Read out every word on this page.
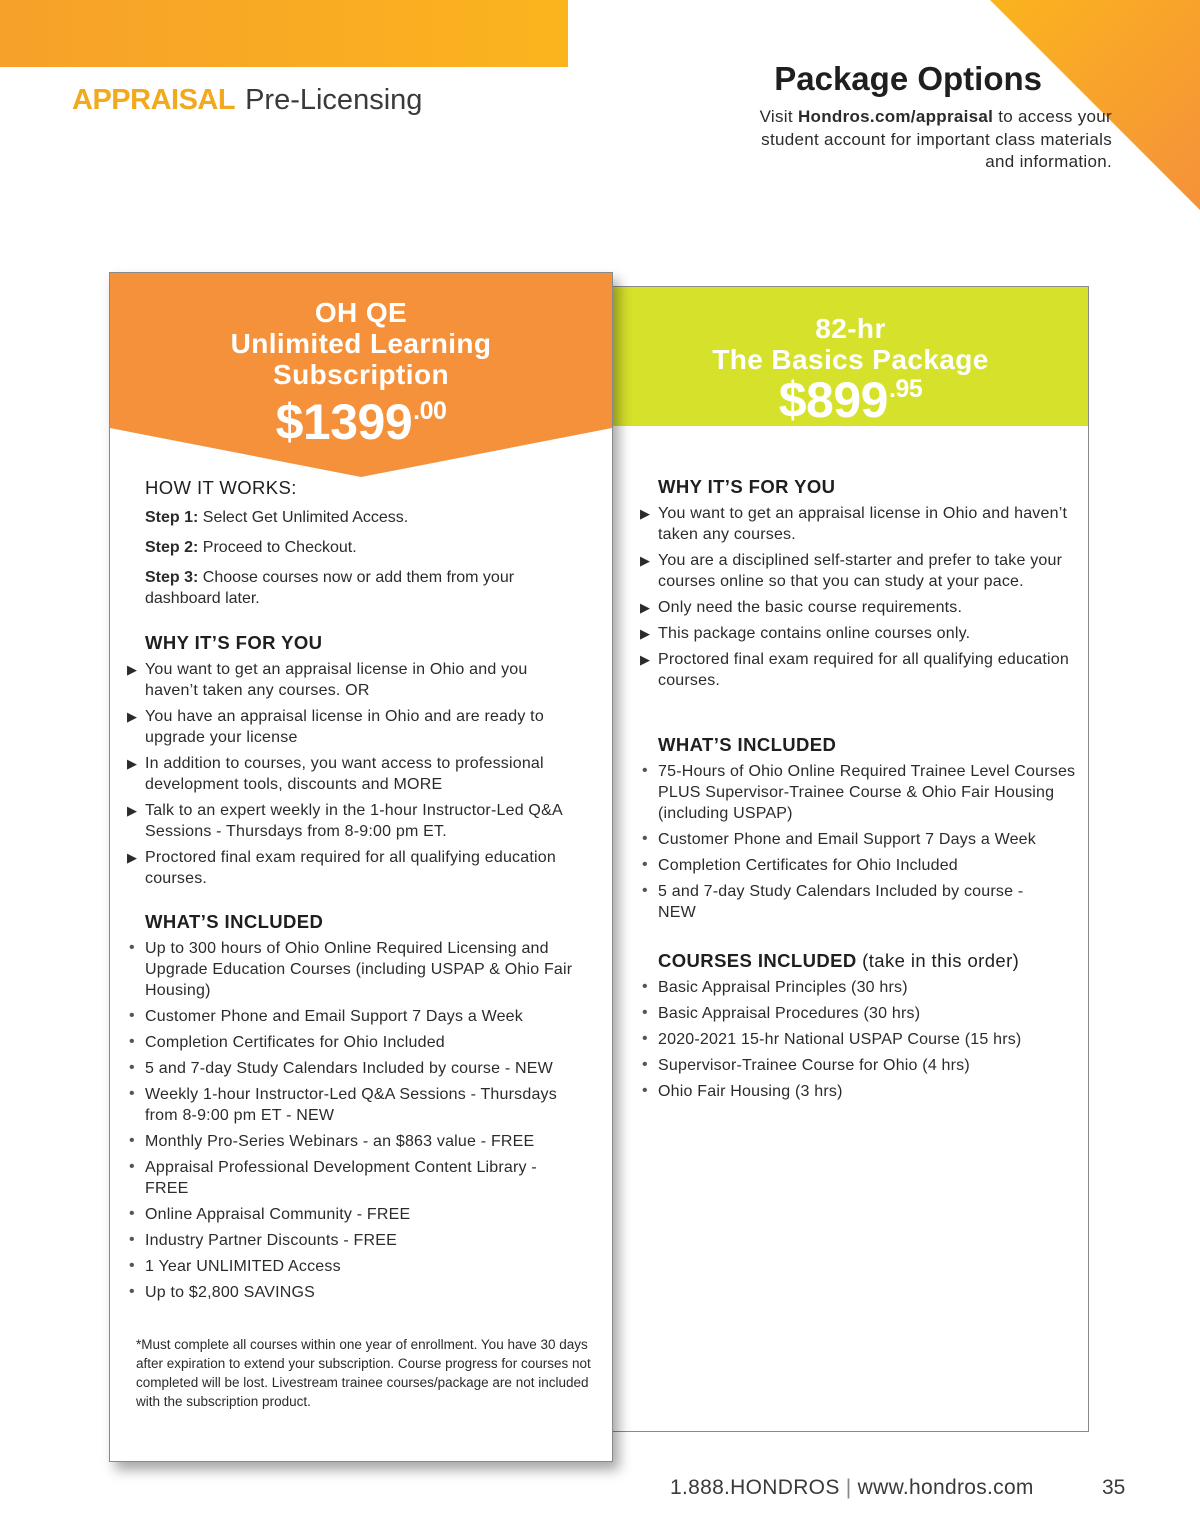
APPRAISAL Pre-Licensing
Package Options
Visit Hondros.com/appraisal to access your student account for important class materials and information.
82-hr
The Basics Package
$\$899^{.95}$
WHY IT’S FOR YOU
▶ You want to get an appraisal license in Ohio and haven’t taken any courses.
▶ You are a disciplined self-starter and prefer to take your courses online so that you can study at your pace.
▶ Only need the basic course requirements.
▶ This package contains online courses only.
▶ Proctored final exam required for all qualifying education courses.
WHAT’S INCLUDED
• 75-Hours of Ohio Online Required Trainee Level Courses PLUS Supervisor-Trainee Course & Ohio Fair Housing (including USPAP)
• Customer Phone and Email Support 7 Days a Week
• Completion Certificates for Ohio Included
• 5 and 7-day Study Calendars Included by course - NEW
COURSES INCLUDED (take in this order)
• Basic Appraisal Principles (30 hrs)
• Basic Appraisal Procedures (30 hrs)
• 2020-2021 15-hr National USPAP Course (15 hrs)
• Supervisor-Trainee Course for Ohio (4 hrs)
• Ohio Fair Housing (3 hrs)
OH QE
Unlimited Learning
Subscription
$\$1399^{.00}$
HOW IT WORKS:
Step 1: Select Get Unlimited Access.
Step 2: Proceed to Checkout.
Step 3: Choose courses now or add them from your dashboard later.
WHY IT’S FOR YOU
▶ You want to get an appraisal license in Ohio and you haven’t taken any courses. OR
▶ You have an appraisal license in Ohio and are ready to upgrade your license
▶ In addition to courses, you want access to professional development tools, discounts and MORE
▶ Talk to an expert weekly in the 1-hour Instructor-Led Q&A Sessions - Thursdays from 8-9:00 pm ET.
▶ Proctored final exam required for all qualifying education courses.
WHAT’S INCLUDED
• Up to 300 hours of Ohio Online Required Licensing and Upgrade Education Courses (including USPAP & Ohio Fair Housing)
• Customer Phone and Email Support 7 Days a Week
• Completion Certificates for Ohio Included
• 5 and 7-day Study Calendars Included by course - NEW
• Weekly 1-hour Instructor-Led Q&A Sessions - Thursdays from 8-9:00 pm ET - NEW
• Monthly Pro-Series Webinars - an $863 value - FREE
• Appraisal Professional Development Content Library - FREE
• Online Appraisal Community - FREE
• Industry Partner Discounts - FREE
• 1 Year UNLIMITED Access
• Up to $2,800 SAVINGS
*Must complete all courses within one year of enrollment. You have 30 days after expiration to extend your subscription. Course progress for courses not completed will be lost. Livestream trainee courses/package are not included with the subscription product.
1.888.HONDROS | www.hondros.com	35
